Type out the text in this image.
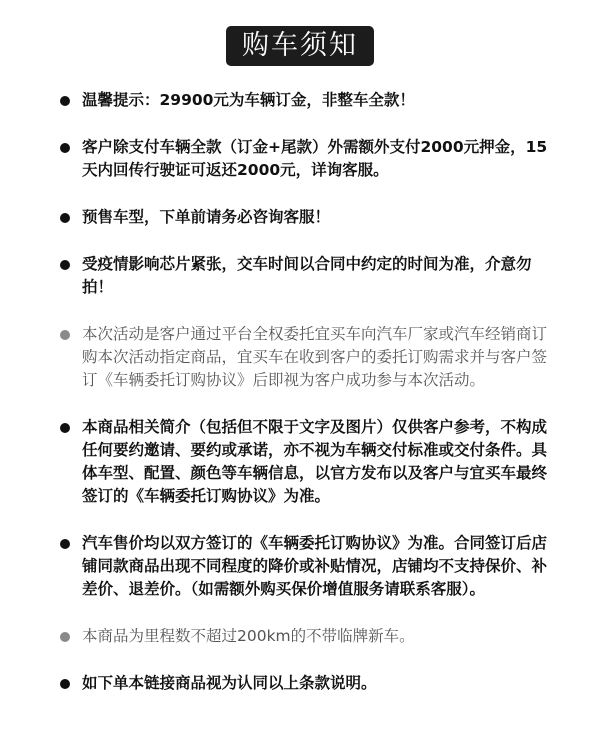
购车须知
温馨提示：29900元为车辆订金，非整车全款！
客户除支付车辆全款（订金+尾款）外需额外支付2000元押金，15天内回传行驶证可返还2000元，详询客服。
预售车型，下单前请务必咨询客服！
受疫情影响芯片紧张，交车时间以合同中约定的时间为准，介意勿拍！
本次活动是客户通过平台全权委托宜买车向汽车厂家或汽车经销商订购本次活动指定商品，宜买车在收到客户的委托订购需求并与客户签订《车辆委托订购协议》后即视为客户成功参与本次活动。
本商品相关简介（包括但不限于文字及图片）仅供客户参考，不构成任何要约邀请、要约或承诺，亦不视为车辆交付标准或交付条件。具体车型、配置、颜色等车辆信息，以官方发布以及客户与宜买车最终签订的《车辆委托订购协议》为准。
汽车售价均以双方签订的《车辆委托订购协议》为准。合同签订后店铺同款商品出现不同程度的降价或补贴情况，店铺均不支持保价、补差价、退差价。（如需额外购买保价增值服务请联系客服）。
本商品为里程数不超过200km的不带临牌新车。
如下单本链接商品视为认同以上条款说明。
